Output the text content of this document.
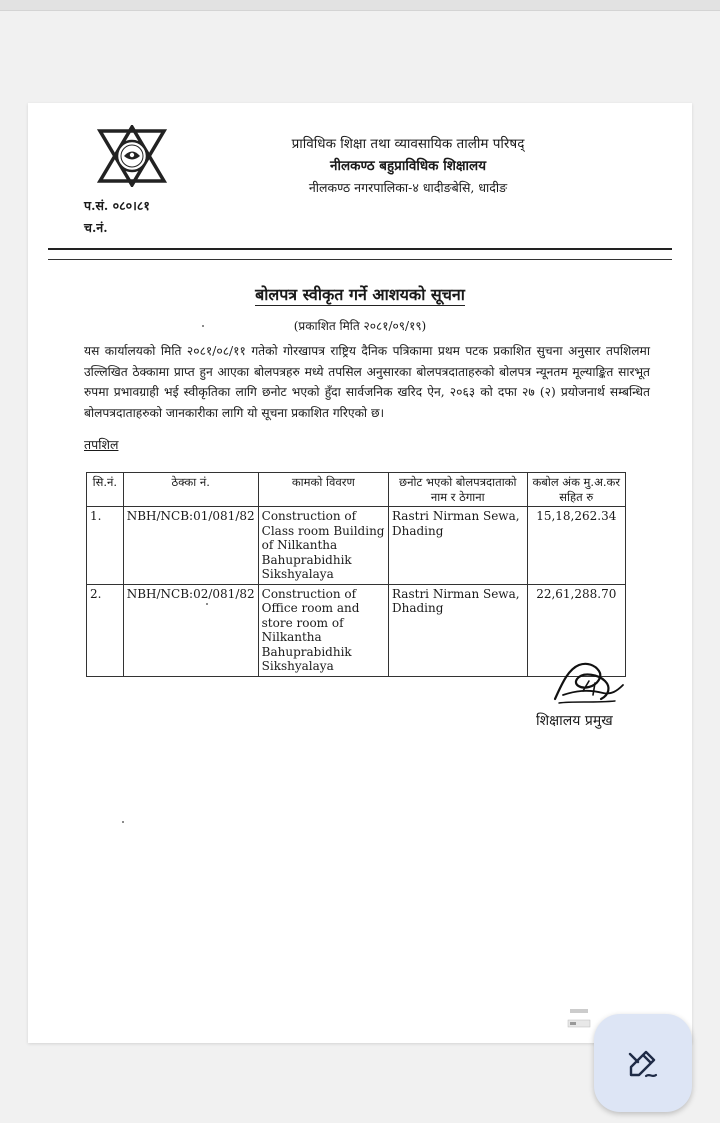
प्राविधिक शिक्षा तथा व्यावसायिक तालीम परिषद्
नीलकण्ठ बहुप्राविधिक शिक्षालय
नीलकण्ठ नगरपालिका-४ धादीङबेसि, धादीङ
प.सं. ०८०।८१
च.नं.
बोलपत्र स्वीकृत गर्ने आशयको सूचना
(प्रकाशित मिति २०८१/०९/१९)
यस कार्यालयको मिति २०८१/०८/११ गतेको गोरखापत्र राष्ट्रिय दैनिक पत्रिकामा प्रथम पटक प्रकाशित सुचना अनुसार तपशिलमा उल्लिखित ठेक्कामा प्राप्त हुन आएका बोलपत्रहरु मध्ये तपसिल अनुसारका बोलपत्रदाताहरुको बोलपत्र न्यूनतम मूल्याङ्कित सारभूत रुपमा प्रभावग्राही भई स्वीकृतिका लागि छनोट भएको हुँदा सार्वजनिक खरिद ऐन, २०६३ को दफा २७ (२) प्रयोजनार्थ सम्बन्धित बोलपत्रदाताहरुको जानकारीका लागि यो सूचना प्रकाशित गरिएको छ।
तपशिल
सि.नं.	ठेक्का नं.	कामको विवरण	छनोट भएको बोलपत्रदाताको नाम र ठेगाना	कबोल अंक मु.अ.कर सहित रु
1.	NBH/NCB:01/081/82	Construction of Class room Building of Nilkantha Bahuprabidhik Sikshyalaya	Rastri Nirman Sewa, Dhading	15,18,262.34
2.	NBH/NCB:02/081/82	Construction of Office room and store room of Nilkantha Bahuprabidhik Sikshyalaya	Rastri Nirman Sewa, Dhading	22,61,288.70
शिक्षालय प्रमुख
